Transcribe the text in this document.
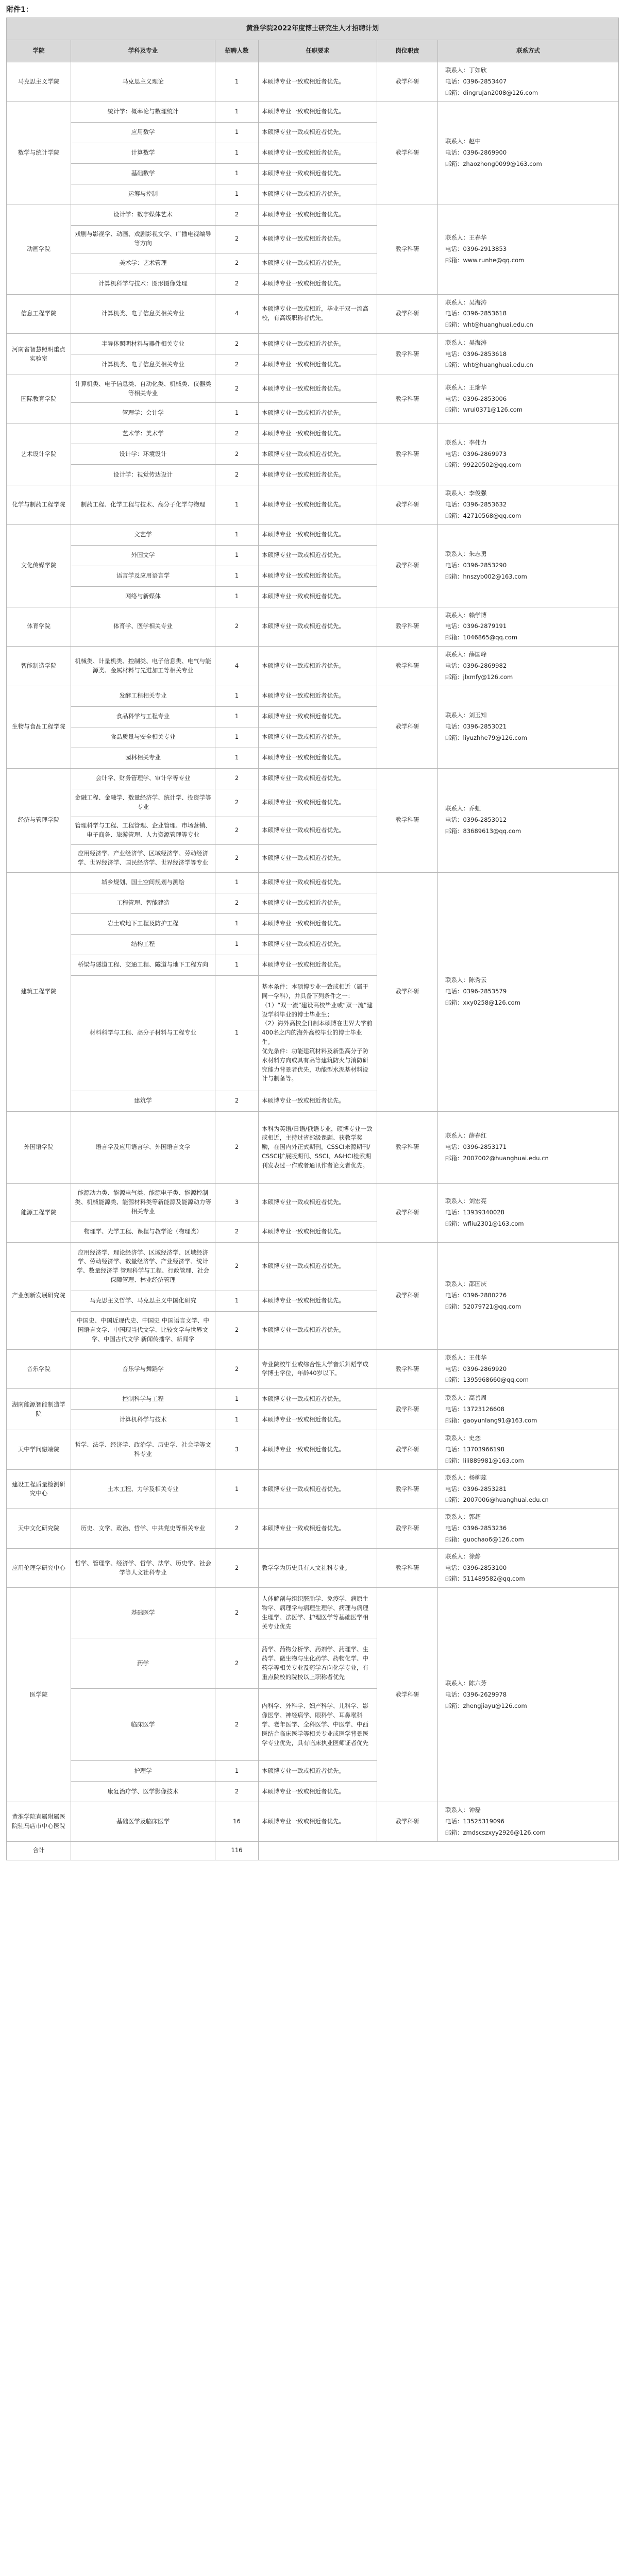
附件1：
黄淮学院2022年度博士研究生人才招聘计划					
学院	学科及专业	招聘人数	任职要求	岗位职责	联系方式
马克思主义学院	马克思主义理论	1	本硕博专业一致或相近者优先。	教学科研	联系人：丁如欣
电话：0396-2853407
邮箱：dingrujan2008@126.com

数学与统计学院	统计学：概率论与数理统计	1	本硕博专业一致或相近者优先。	教学科研	联系人：赵中
电话：0396-2869900
邮箱：zhaozhong0099@163.com

	应用数学	1	本硕博专业一致或相近者优先。		
	计算数学	1	本硕博专业一致或相近者优先。		
	基础数学	1	本硕博专业一致或相近者优先。		
	运筹与控制	1	本硕博专业一致或相近者优先。		
动画学院	设计学：数字媒体艺术	2	本硕博专业一致或相近者优先。	教学科研	联系人：王春华
电话：0396-2913853
邮箱：www.runhe@qq.com

	戏剧与影视学、动画、戏剧影视文学、广播电视编导等方向	2	本硕博专业一致或相近者优先。		
	美术学：艺术管理	2	本硕博专业一致或相近者优先。		
	计算机科学与技术：图形图像处理	2	本硕博专业一致或相近者优先。		
信息工程学院	计算机类、电子信息类相关专业	4	本硕博专业一致或相近，毕业于双一流高校，有高级职称者优先。	教学科研	联系人：吴海涛
电话：0396-2853618
邮箱：wht@huanghuai.edu.cn

河南省智慧照明重点实验室	半导体照明材料与器件相关专业	2	本硕博专业一致或相近者优先。	教学科研	联系人：吴海涛
电话：0396-2853618
邮箱：wht@huanghuai.edu.cn

	计算机类、电子信息类相关专业	2	本硕博专业一致或相近者优先。		
国际教育学院	计算机类、电子信息类、自动化类、机械类、仪器类等相关专业	2	本硕博专业一致或相近者优先。	教学科研	联系人：王瑞华
电话：0396-2853006
邮箱：wrui0371@126.com

	管理学：会计学	1	本硕博专业一致或相近者优先。		
艺术设计学院	艺术学：美术学	2	本硕博专业一致或相近者优先。	教学科研	联系人：李伟力
电话：0396-2869973
邮箱：99220502@qq.com

	设计学：环境设计	2	本硕博专业一致或相近者优先。		
	设计学：视觉传达设计	2	本硕博专业一致或相近者优先。		
化学与制药工程学院	制药工程、化学工程与技术、高分子化学与物理	1	本硕博专业一致或相近者优先。	教学科研	联系人：李俊强
电话：0396-2853632
邮箱：42710568@qq.com

文化传媒学院	文艺学	1	本硕博专业一致或相近者优先。	教学科研	联系人：朱志勇
电话：0396-2853290
邮箱：hnszyb002@163.com

	外国文学	1	本硕博专业一致或相近者优先。		
	语言学及应用语言学	1	本硕博专业一致或相近者优先。		
	网络与新媒体	1	本硕博专业一致或相近者优先。		
体育学院	体育学、医学相关专业	2	本硕博专业一致或相近者优先。	教学科研	联系人：赖学博
电话：0396-2879191
邮箱：1046865@qq.com

智能制造学院	机械类、计量机类、控制类、电子信息类、电气与能源类、金属材料与先进加工等相关专业	4	本硕博专业一致或相近者优先。	教学科研	联系人：薛国峰
电话：0396-2869982
邮箱：jlxmfy@126.com

生物与食品工程学院	发酵工程相关专业	1	本硕博专业一致或相近者优先。	教学科研	联系人：刘玉知
电话：0396-2853021
邮箱：liyuzhhe79@126.com

	食品科学与工程专业	1	本硕博专业一致或相近者优先。		
	食品质量与安全相关专业	1	本硕博专业一致或相近者优先。		
	园林相关专业	1	本硕博专业一致或相近者优先。		
经济与管理学院	会计学、财务管理学、审计学等专业	2	本硕博专业一致或相近者优先。	教学科研	联系人：乔虹
电话：0396-2853012
邮箱：83689613@qq.com

	金融工程、金融学、数量经济学、统计学、投资学等专业	2	本硕博专业一致或相近者优先。		
	管理科学与工程、工程管理、企业管理、市场营销、电子商务、旅游管理、人力资源管理等专业	2	本硕博专业一致或相近者优先。		
	应用经济学、产业经济学、区域经济学、劳动经济学、世界经济学、国民经济学、世界经济学等专业	2	本硕博专业一致或相近者优先。		
建筑工程学院	城乡规划、国土空间规划与测绘	1	本硕博专业一致或相近者优先。	教学科研	联系人：陈秀云
电话：0396-2853579
邮箱：xxy0258@126.com

	工程管理、智能建造	2	本硕博专业一致或相近者优先。		
	岩土或地下工程及防护工程	1	本硕博专业一致或相近者优先。		
	结构工程	1	本硕博专业一致或相近者优先。		
	桥梁与隧道工程、交通工程、隧道与地下工程方向	1	本硕博专业一致或相近者优先。		
	材料科学与工程、高分子材料与工程专业	1	基本条件：本硕博专业一致或相近（属于同一学科），并具备下列条件之一：
（1）“双一流”建设高校毕业或“双一流”建设学科毕业的博士毕业生；
（2）海外高校全日制本硕博在世界大学前400名之内的海外高校毕业的博士毕业生。
优先条件：功能建筑材料及新型高分子防水材料方向或具有高等建筑防火与消防研究能力背景者优先，功能型水泥基材料设计与制备等。		
	建筑学	2	本硕博专业一致或相近者优先。		
外国语学院	语言学及应用语言学、外国语言文学	2	本科为英语/日语/俄语专业，硕博专业一致或相近，主持过省部级课题、获教学奖励，在国内外正式期刊，CSSCI来源期刊/CSSCI扩展版期刊、SSCI、A&HCI检索期刊发表过一作或者通讯作者论文者优先。	教学科研	联系人：薛春红
电话：0396-2853171
邮箱：2007002@huanghuai.edu.cn

能源工程学院	能源动力类、能源电气类、能源电子类、能源控制类、机械能源类、能源材料类等新能源及能源动力等相关专业	3	本硕博专业一致或相近者优先。	教学科研	联系人：刘宏亮
电话：13939340028
邮箱：wfliu2301@163.com

	物理学、光学工程、课程与教学论（物理类）	2	本硕博专业一致或相近者优先。		
产业创新发展研究院	应用经济学、理论经济学、区域经济学、区域经济学、劳动经济学、数量经济学、产业经济学、统计学、数量经济学 管理科学与工程、行政管理、社会保障管理、林业经济管理	2	本硕博专业一致或相近者优先。	教学科研	联系人：邵国庆
电话：0396-2880276
邮箱：52079721@qq.com

	马克思主义哲学、马克思主义中国化研究	1	本硕博专业一致或相近者优先。		
	中国史、中国近现代史、中国史 中国语言文学、中国语言文学、中国现当代文学、比较文学与世界文学、中国古代文学 新闻传播学、新闻学	2	本硕博专业一致或相近者优先。		
音乐学院	音乐学与舞蹈学	2	专业院校毕业或综合性大学音乐舞蹈学成学博士学位，年龄40岁以下。	教学科研	联系人：王伟华
电话：0396-2869920
邮箱：1395968660@qq.com

湖南能源智能制造学院	控制科学与工程	1	本硕博专业一致或相近者优先。	教学科研	联系人：高善周
电话：13723126608
邮箱：gaoyunlang91@163.com

	计算机科学与技术	1	本硕博专业一致或相近者优先。		
天中学问融端院	哲学、法学、经济学、政治学、历史学、社会学等文科专业	3	本硕博专业一致或相近者优先。	教学科研	联系人：史恋
电话：13703966198
邮箱：lili889981@163.com

建设工程质量检测研究中心	土木工程、力学及相关专业	1	本硕博专业一致或相近者优先。	教学科研	联系人：杨柳蕊
电话：0396-2853281
邮箱：2007006@huanghuai.edu.cn

天中文化研究院	历史、文学、政治、哲学、中共党史等相关专业	2	本硕博专业一致或相近者优先。	教学科研	联系人：郭超
电话：0396-2853236
邮箱：guochao6@126.com

应用伦理学研究中心	哲学、管理学、经济学、哲学、法学、历史学、社会学等人文社科专业	2	教学学为历史具有人文社科专业。	教学科研	联系人：徐静
电话：0396-2853100
邮箱：511489582@qq.com

医学院	基础医学	2	人体解剖与组织胚胎学、免疫学、病原生物学、病理学与病理生理学、病理与病理生理学、法医学、护理医学等基础医学相关专业优先	教学科研	联系人：陈六芳
电话：0396-2629978
邮箱：zhengjiayu@126.com

	药学	2	药学、药物分析学、药剂学、药理学、生药学、微生物与生化药学、药物化学、中药学等相关专业及药学方向化学专业，有重点院校的院校以上职称者优先		
	临床医学	2	内科学、外科学、妇产科学、儿科学、影像医学、神经病学、眼科学、耳鼻喉科学、老年医学、全科医学、中医学、中西医结合临床医学等相关专业或医学背景医学专业优先，具有临床执业医师证者优先		
	护理学	1	本硕博专业一致或相近者优先。		
	康复治疗学、医学影像技术	2	本硕博专业一致或相近者优先。		
黄淮学院直属附属医院驻马店市中心医院	基础医学及临床医学	16	本硕博专业一致或相近者优先。	教学科研	联系人：钟磊
电话：13525319096
邮箱：zmdscszxyy2926@126.com

合计		116			
